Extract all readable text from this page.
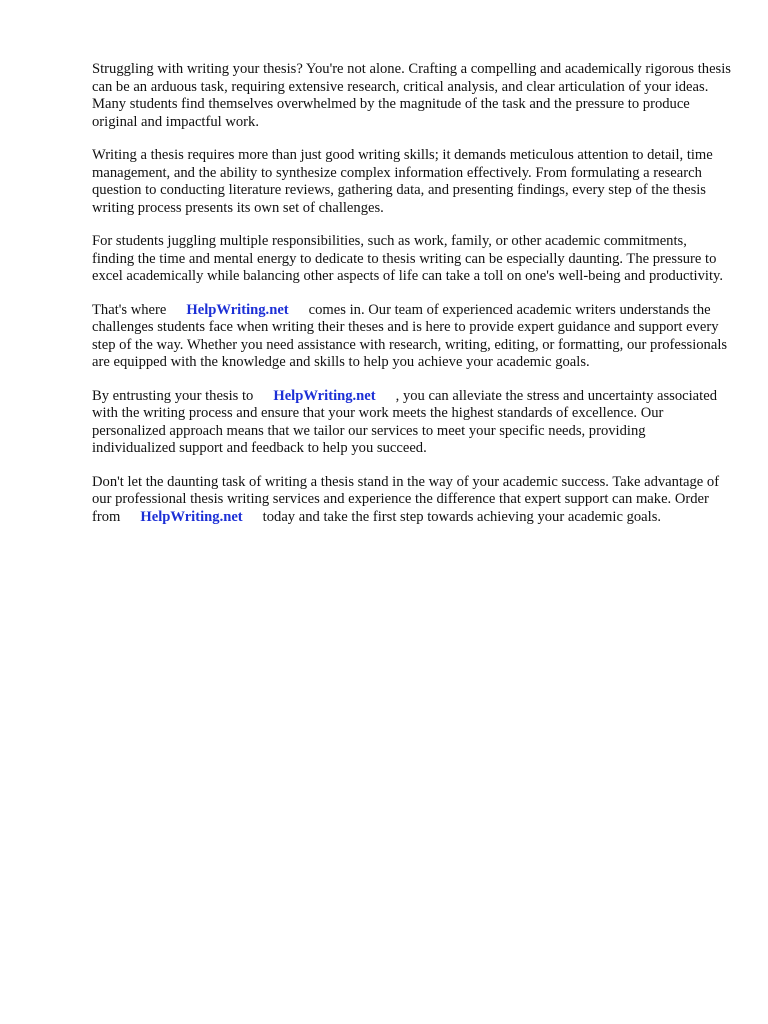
Struggling with writing your thesis? You're not alone. Crafting a compelling and academically rigorous thesis can be an arduous task, requiring extensive research, critical analysis, and clear articulation of your ideas. Many students find themselves overwhelmed by the magnitude of the task and the pressure to produce original and impactful work.

Writing a thesis requires more than just good writing skills; it demands meticulous attention to detail, time management, and the ability to synthesize complex information effectively. From formulating a research question to conducting literature reviews, gathering data, and presenting findings, every step of the thesis writing process presents its own set of challenges.

For students juggling multiple responsibilities, such as work, family, or other academic commitments, finding the time and mental energy to dedicate to thesis writing can be especially daunting. The pressure to excel academically while balancing other aspects of life can take a toll on one's well-being and productivity.

That's where HelpWriting.net comes in. Our team of experienced academic writers understands the challenges students face when writing their theses and is here to provide expert guidance and support every step of the way. Whether you need assistance with research, writing, editing, or formatting, our professionals are equipped with the knowledge and skills to help you achieve your academic goals.

By entrusting your thesis to HelpWriting.net , you can alleviate the stress and uncertainty associated with the writing process and ensure that your work meets the highest standards of excellence. Our personalized approach means that we tailor our services to meet your specific needs, providing individualized support and feedback to help you succeed.

Don't let the daunting task of writing a thesis stand in the way of your academic success. Take advantage of our professional thesis writing services and experience the difference that expert support can make. Order from HelpWriting.net today and take the first step towards achieving your academic goals.
